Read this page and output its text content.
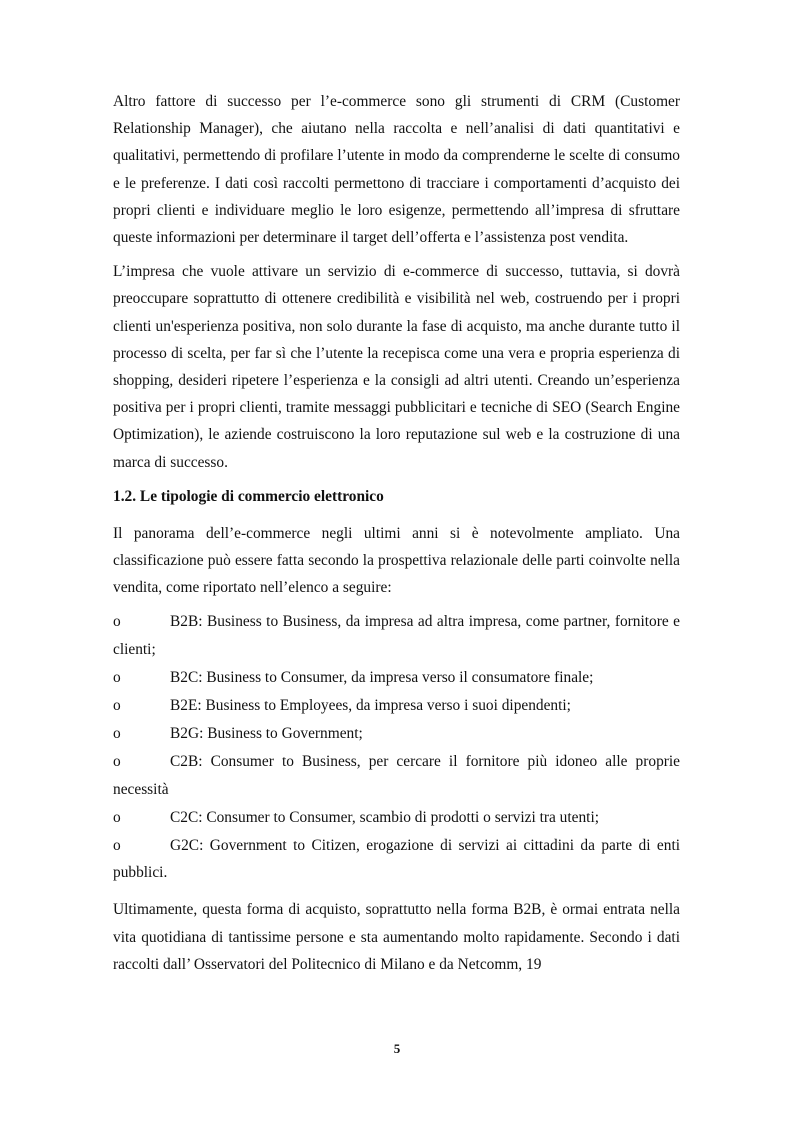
Altro fattore di successo per l’e-commerce sono gli strumenti di CRM (Customer Relationship Manager), che aiutano nella raccolta e nell’analisi di dati quantitativi e qualitativi, permettendo di profilare l’utente in modo da comprenderne le scelte di consumo e le preferenze. I dati così raccolti permettono di tracciare i comportamenti d’acquisto dei propri clienti e individuare meglio le loro esigenze, permettendo all’impresa di sfruttare queste informazioni per determinare il target dell’offerta e l’assistenza post vendita.

L’impresa che vuole attivare un servizio di e-commerce di successo, tuttavia, si dovrà preoccupare soprattutto di ottenere credibilità e visibilità nel web, costruendo per i propri clienti un'esperienza positiva, non solo durante la fase di acquisto, ma anche durante tutto il processo di scelta, per far sì che l’utente la recepisca come una vera e propria esperienza di shopping, desideri ripetere l’esperienza e la consigli ad altri utenti. Creando un’esperienza positiva per i propri clienti, tramite messaggi pubblicitari e tecniche di SEO (Search Engine Optimization), le aziende costruiscono la loro reputazione sul web e la costruzione di una marca di successo.

1.2. Le tipologie di commercio elettronico

Il panorama dell’e-commerce negli ultimi anni si è notevolmente ampliato. Una classificazione può essere fatta secondo la prospettiva relazionale delle parti coinvolte nella vendita, come riportato nell’elenco a seguire:

o	B2B: Business to Business, da impresa ad altra impresa, come partner, fornitore e clienti;
o	B2C: Business to Consumer, da impresa verso il consumatore finale;
o	B2E: Business to Employees, da impresa verso i suoi dipendenti;
o	B2G: Business to Government;
o	C2B: Consumer to Business, per cercare il fornitore più idoneo alle proprie necessità
o	C2C: Consumer to Consumer, scambio di prodotti o servizi tra utenti;
o	G2C: Government to Citizen, erogazione di servizi ai cittadini da parte di enti pubblici.

Ultimamente, questa forma di acquisto, soprattutto nella forma B2B, è ormai entrata nella vita quotidiana di tantissime persone e sta aumentando molto rapidamente. Secondo i dati raccolti dall’ Osservatori del Politecnico di Milano e da Netcomm, 19

5
